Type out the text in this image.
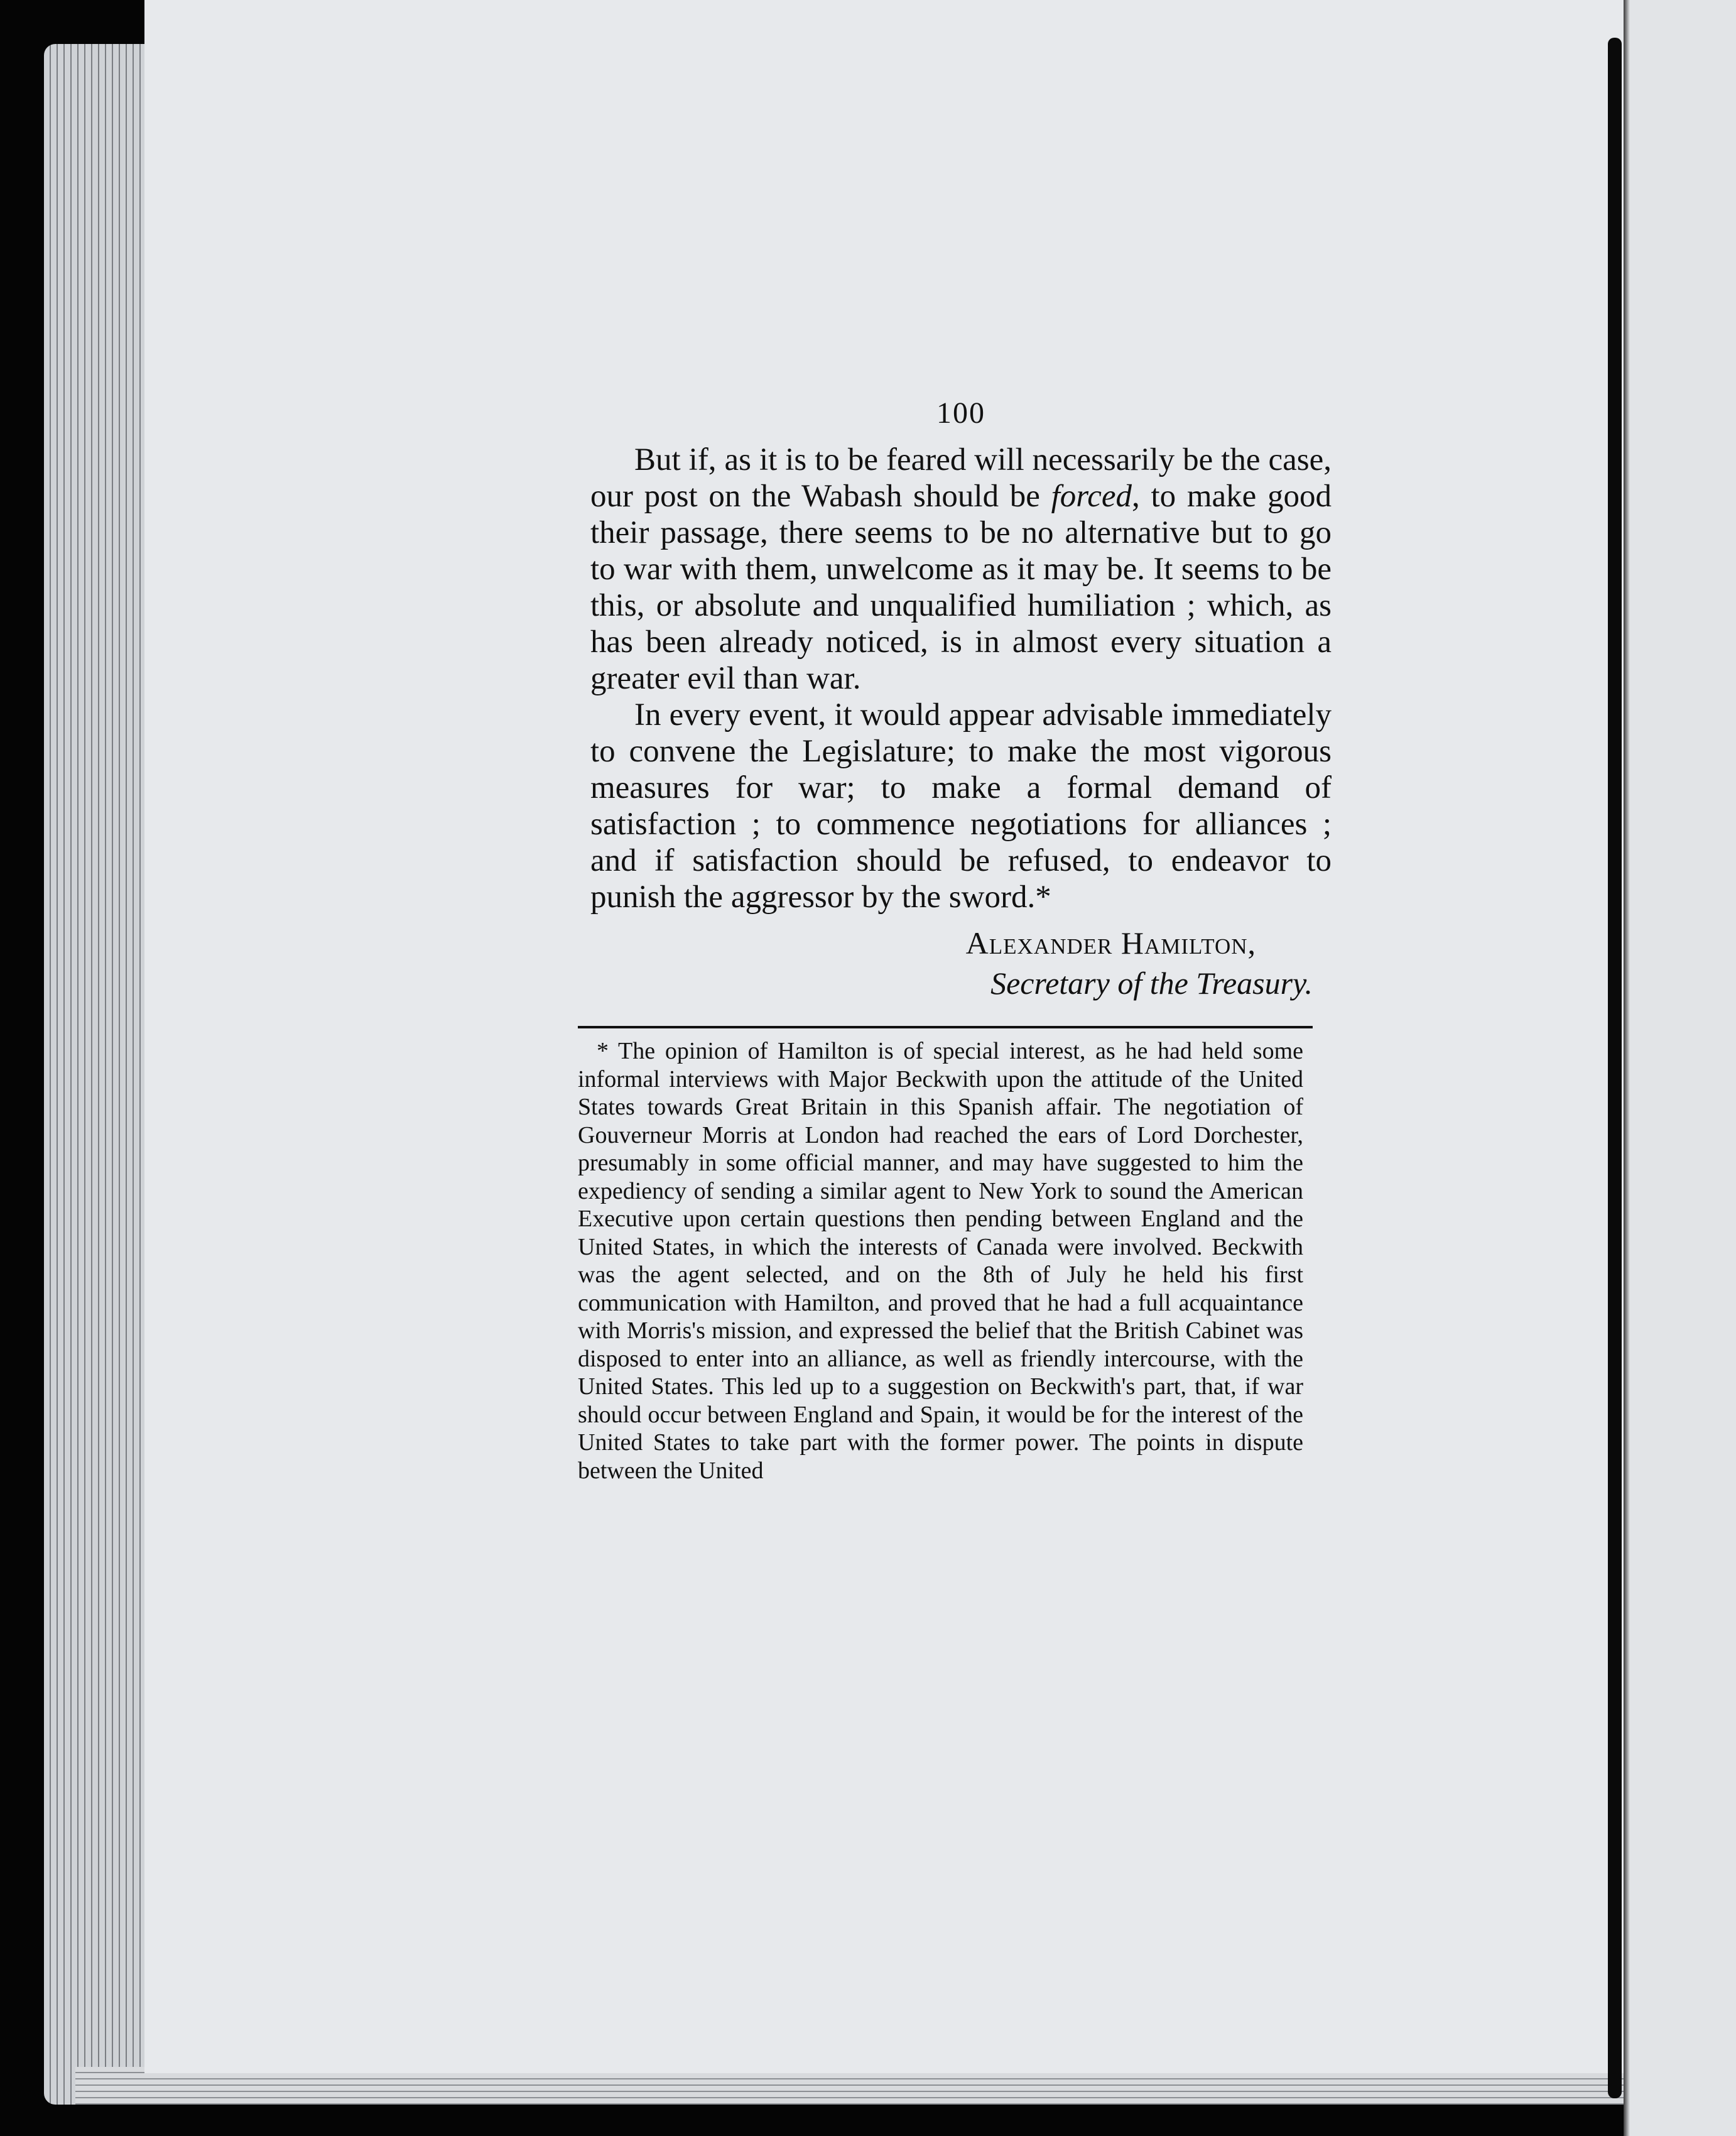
100

But if, as it is to be feared will necessarily be the case, our post on the Wabash should be forced, to make good their passage, there seems to be no alternative but to go to war with them, unwelcome as it may be. It seems to be this, or absolute and unqualified humiliation ; which, as has been already noticed, is in almost every situation a greater evil than war.

In every event, it would appear advisable immediately to convene the Legislature; to make the most vigorous measures for war; to make a formal demand of satisfaction ; to commence negotiations for alliances ; and if satisfaction should be refused, to endeavor to punish the aggressor by the sword.*

Alexander Hamilton,
Secretary of the Treasury.

* The opinion of Hamilton is of special interest, as he had held some informal interviews with Major Beckwith upon the attitude of the United States towards Great Britain in this Spanish affair. The negotiation of Gouverneur Morris at London had reached the ears of Lord Dorchester, presumably in some official manner, and may have suggested to him the expediency of sending a similar agent to New York to sound the American Executive upon certain questions then pending between England and the United States, in which the interests of Canada were involved. Beckwith was the agent selected, and on the 8th of July he held his first communication with Hamilton, and proved that he had a full acquaintance with Morris's mission, and expressed the belief that the British Cabinet was disposed to enter into an alliance, as well as friendly intercourse, with the United States. This led up to a suggestion on Beckwith's part, that, if war should occur between England and Spain, it would be for the interest of the United States to take part with the former power. The points in dispute between the United
